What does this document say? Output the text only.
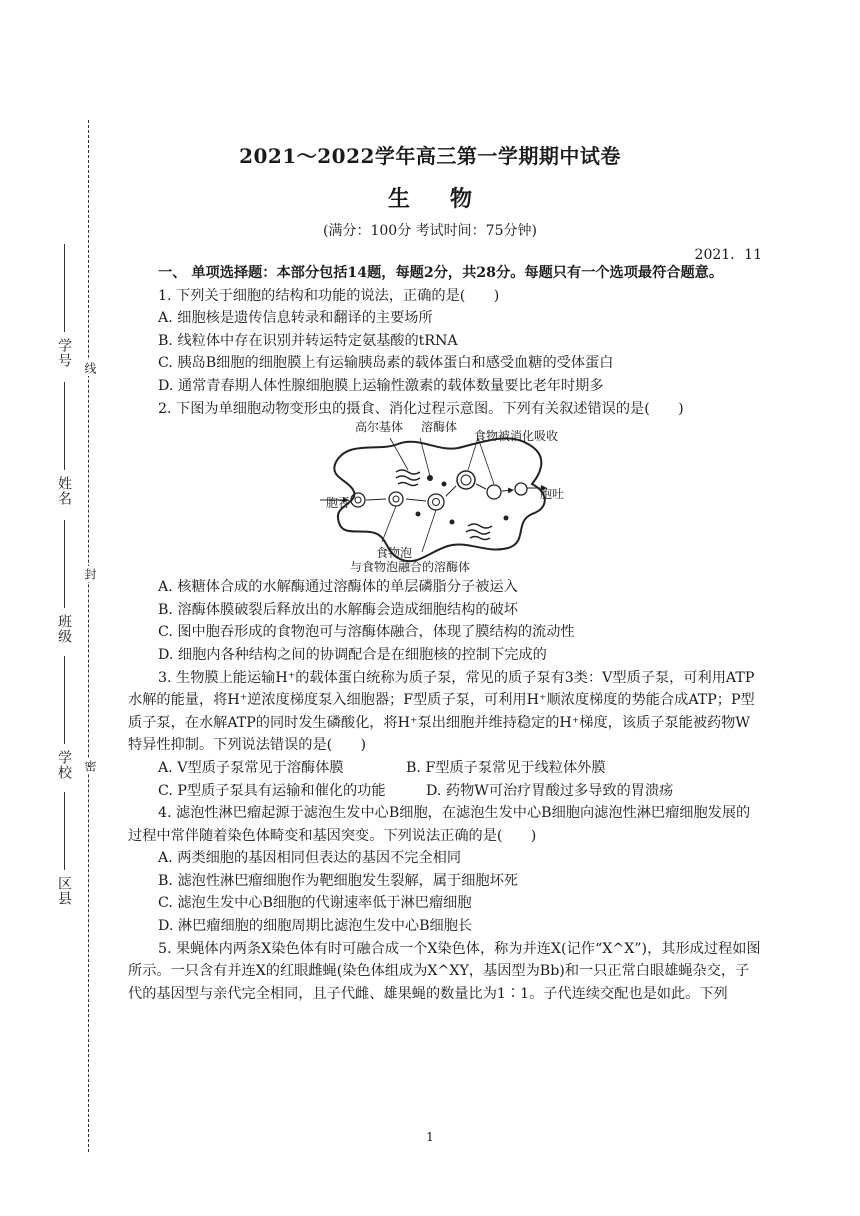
学号
姓名
班级
学校
区县
线
封
密
2021～2022学年高三第一学期期中试卷
生物
(满分：100分 考试时间：75分钟)
2021．11

一、 单项选择题：本部分包括14题，每题2分，共28分。每题只有一个选项最符合题意。

1. 下列关于细胞的结构和功能的说法，正确的是(　　)

A. 细胞核是遗传信息转录和翻译的主要场所

B. 线粒体中存在识别并转运特定氨基酸的tRNA

C. 胰岛B细胞的细胞膜上有运输胰岛素的载体蛋白和感受血糖的受体蛋白

D. 通常青春期人体性腺细胞膜上运输性激素的载体数量要比老年时期多

2. 下图为单细胞动物变形虫的摄食、消化过程示意图。下列有关叙述错误的是(　　)

高尔基体 溶酶体
食物被消化吸收
胞吞
胞吐
食物泡
与食物泡融合的溶酶体

A. 核糖体合成的水解酶通过溶酶体的单层磷脂分子被运入

B. 溶酶体膜破裂后释放出的水解酶会造成细胞结构的破坏

C. 图中胞吞形成的食物泡可与溶酶体融合，体现了膜结构的流动性

D. 细胞内各种结构之间的协调配合是在细胞核的控制下完成的

3. 生物膜上能运输H⁺的载体蛋白统称为质子泵，常见的质子泵有3类：V型质子泵，可利用ATP水解的能量，将H⁺逆浓度梯度泵入细胞器；F型质子泵，可利用H⁺顺浓度梯度的势能合成ATP；P型质子泵，在水解ATP的同时发生磷酸化，将H⁺泵出细胞并维持稳定的H⁺梯度，该质子泵能被药物W特异性抑制。下列说法错误的是(　　)

A. V型质子泵常见于溶酶体膜	B. F型质子泵常见于线粒体外膜
C. P型质子泵具有运输和催化的功能	D. 药物W可治疗胃酸过多导致的胃溃疡

4. 滤泡性淋巴瘤起源于滤泡生发中心B细胞，在滤泡生发中心B细胞向滤泡性淋巴瘤细胞发展的过程中常伴随着染色体畸变和基因突变。下列说法正确的是(　　)

A. 两类细胞的基因相同但表达的基因不完全相同

B. 滤泡性淋巴瘤细胞作为靶细胞发生裂解，属于细胞坏死

C. 滤泡生发中心B细胞的代谢速率低于淋巴瘤细胞

D. 淋巴瘤细胞的细胞周期比滤泡生发中心B细胞长

5. 果蝇体内两条X染色体有时可融合成一个X染色体，称为并连X(记作“X^X”)，其形成过程如图所示。一只含有并连X的红眼雌蝇(染色体组成为X^XY，基因型为Bb)和一只正常白眼雄蝇杂交，子代的基因型与亲代完全相同，且子代雌、雄果蝇的数量比为1∶1。子代连续交配也是如此。下列

1
